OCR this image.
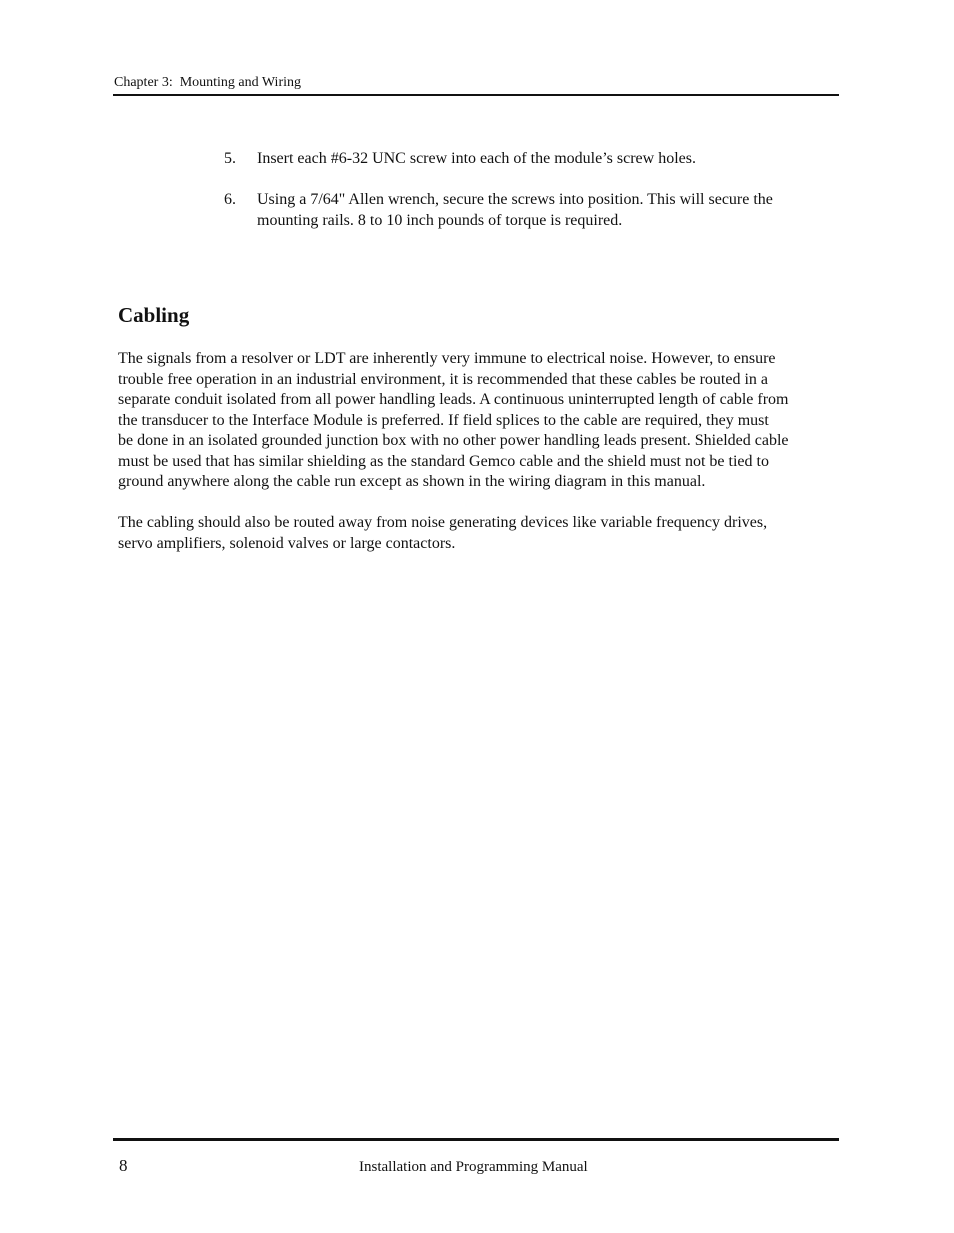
Chapter 3:  Mounting and Wiring
5. Insert each #6-32 UNC screw into each of the module’s screw holes.
6. Using a 7/64" Allen wrench, secure the screws into position. This will secure the mounting rails. 8 to 10 inch pounds of torque is required.
Cabling

The signals from a resolver or LDT are inherently very immune to electrical noise. However, to ensure
trouble free operation in an industrial environment, it is recommended that these cables be routed in a
separate conduit isolated from all power handling leads. A continuous uninterrupted length of cable from
the transducer to the Interface Module is preferred. If field splices to the cable are required, they must
be done in an isolated grounded junction box with no other power handling leads present. Shielded cable
must be used that has similar shielding as the standard Gemco cable and the shield must not be tied to
ground anywhere along the cable run except as shown in the wiring diagram in this manual.

The cabling should also be routed away from noise generating devices like variable frequency drives,
servo amplifiers, solenoid valves or large contactors.

8	Installation and Programming Manual
